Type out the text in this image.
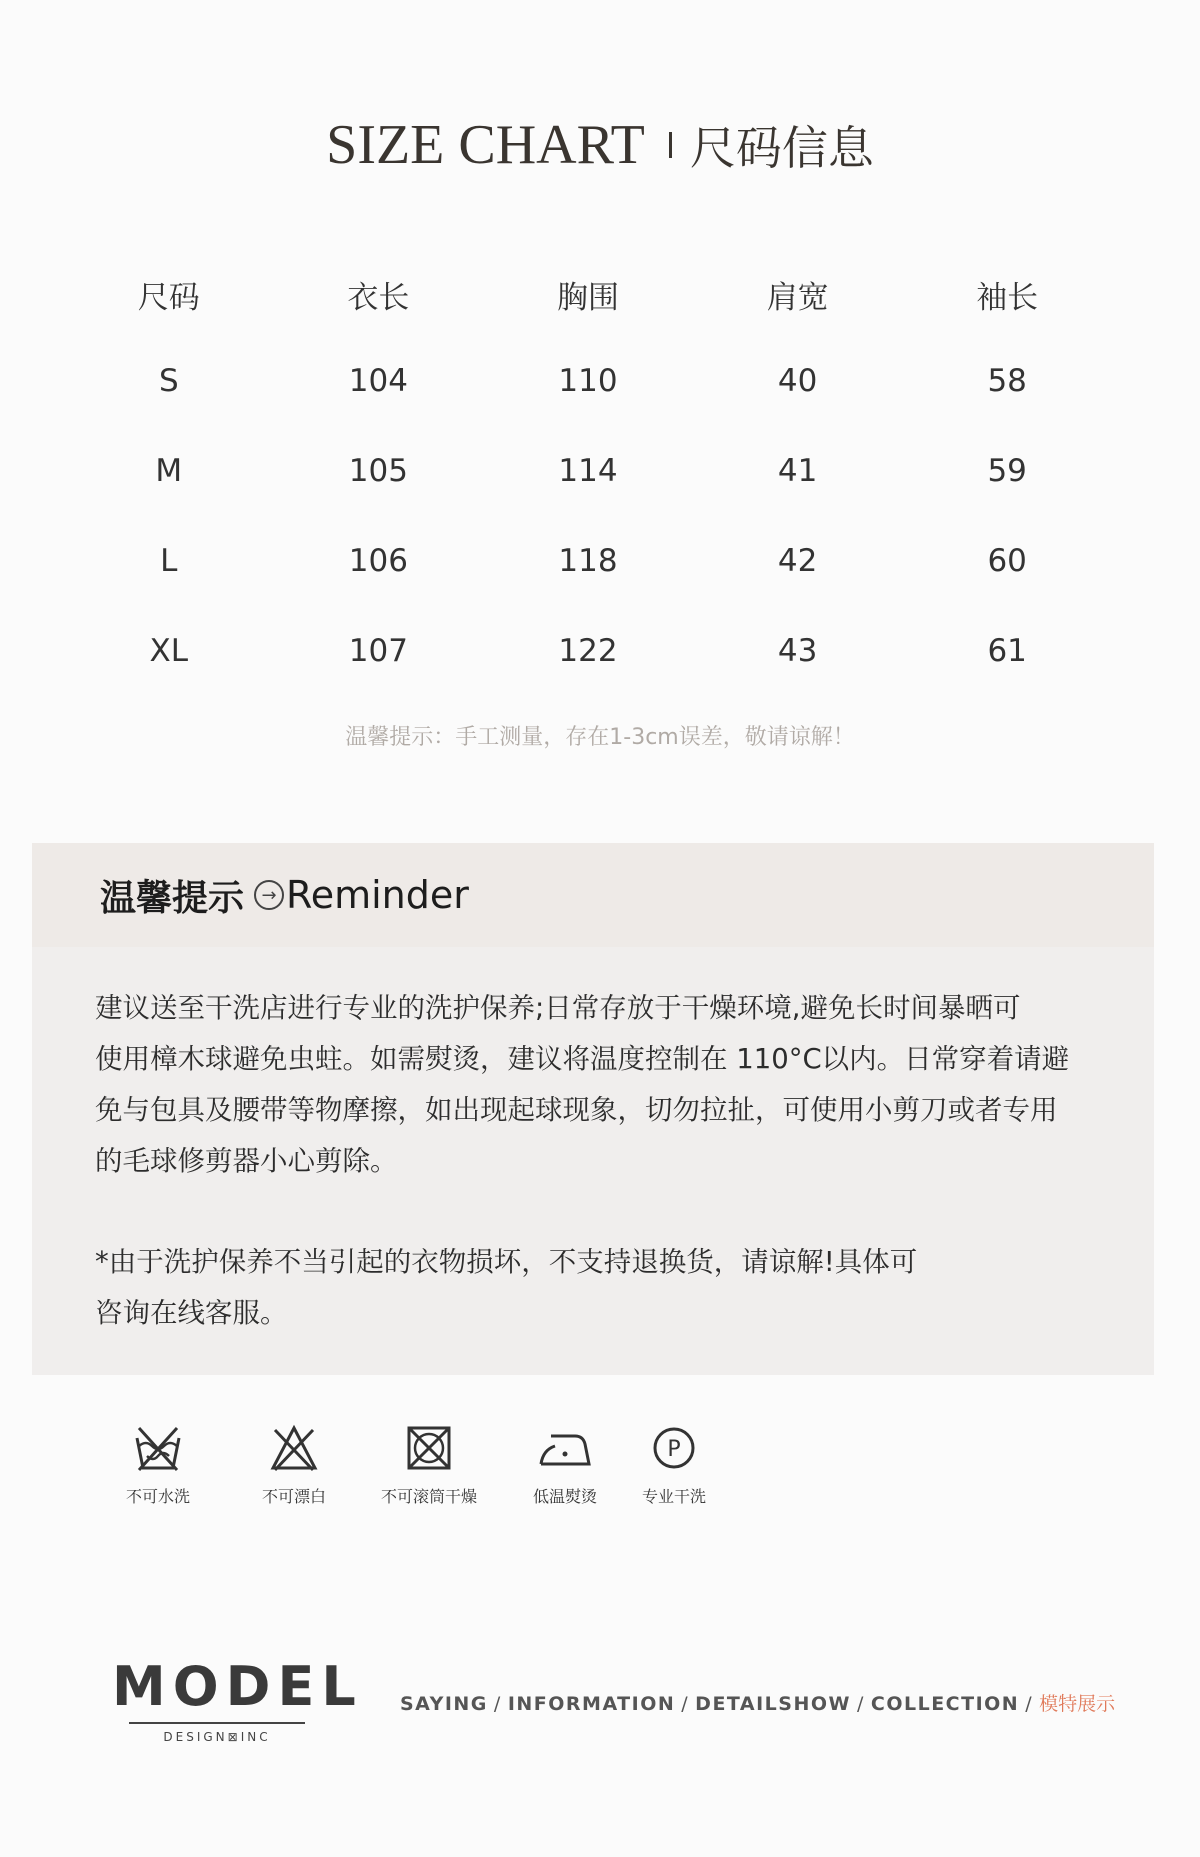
SIZE CHART 尺码信息
尺码	衣长	胸围	肩宽	袖长
S	104	110	40	58
M	105	114	41	59
L	106	118	42	60
XL	107	122	43	61
温馨提示：手工测量，存在1-3cm误差，敬请谅解！
温馨提示 → Reminder
建议送至干洗店进行专业的洗护保养;日常存放于干燥环境,避免长时间暴晒可
使用樟木球避免虫蛀。如需熨烫，建议将温度控制在 110°C以内。日常穿着请避
免与包具及腰带等物摩擦，如出现起球现象，切勿拉扯，可使用小剪刀或者专用
的毛球修剪器小心剪除。
*由于洗护保养不当引起的衣物损坏，不支持退换货，请谅解!具体可
咨询在线客服。
不可水洗	不可漂白	不可滚筒干燥	低温熨烫
P
专业干洗
MODEL
DESIGN⊠INC
SAYING / INFORMATION / DETAILSHOW / COLLECTION / 模特展示
